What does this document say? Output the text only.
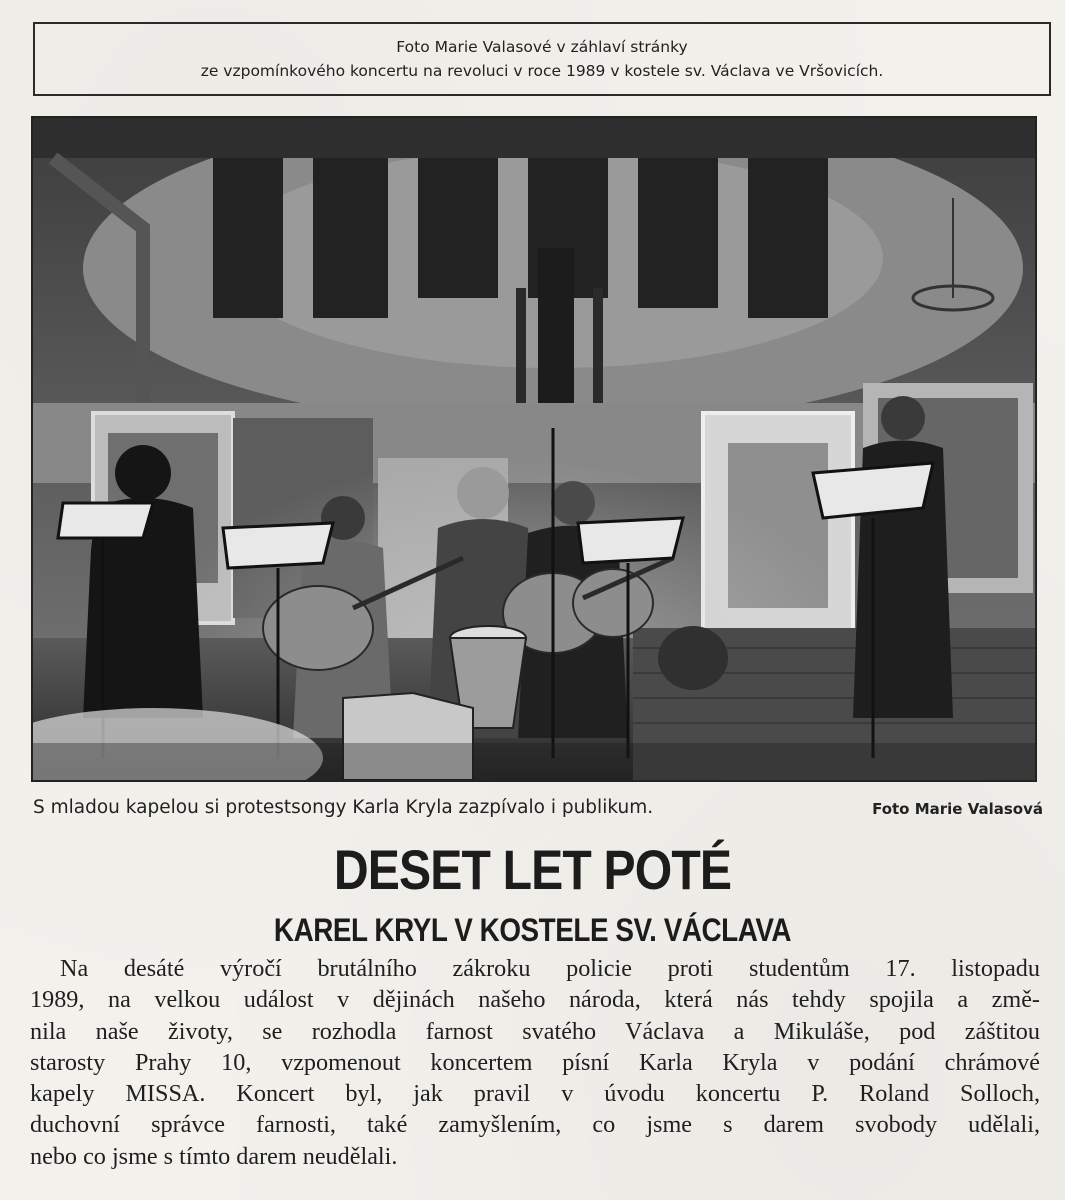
Foto Marie Valasové v záhlaví stránky
ze vzpomínkového koncertu na revoluci v roce 1989 v kostele sv. Václava ve Vršovicích.
S mladou kapelou si protestsongy Karla Kryla zazpívalo i publikum.	Foto Marie Valasová
DESET LET POTÉ
KAREL KRYL V KOSTELE SV. VÁCLAVA
Na desáté výročí brutálního zákroku policie proti studentům 17. listopadu
1989, na velkou událost v dějinách našeho národa, která nás tehdy spojila a změ-
nila naše životy, se rozhodla farnost svatého Václava a Mikuláše, pod záštitou
starosty Prahy 10, vzpomenout koncertem písní Karla Kryla v podání chrámové
kapely MISSA. Koncert byl, jak pravil v úvodu koncertu P. Roland Solloch,
duchovní správce farnosti, také zamyšlením, co jsme s darem svobody udělali,
nebo co jsme s tímto darem neudělali.
